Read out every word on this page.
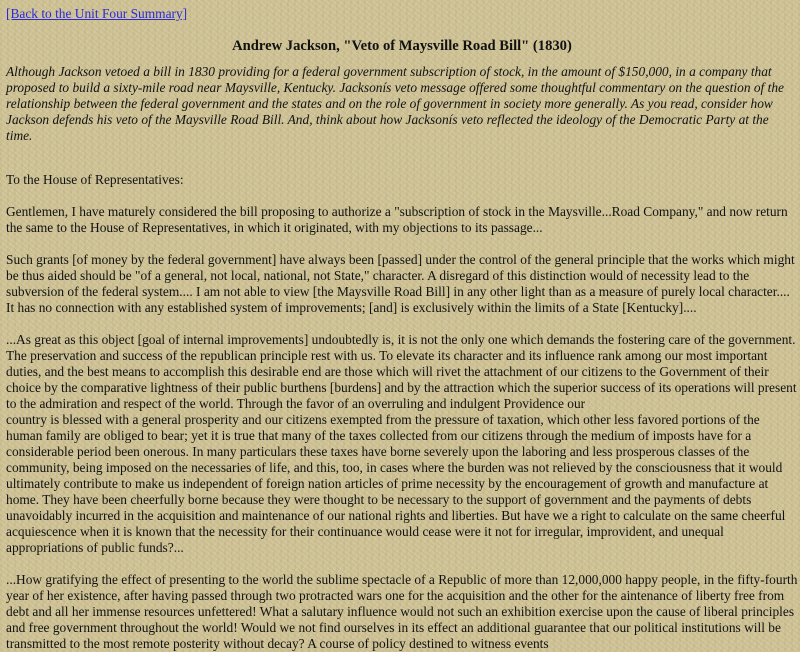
[Back to the Unit Four Summary]
Andrew Jackson, "Veto of Maysville Road Bill" (1830)

Although Jackson vetoed a bill in 1830 providing for a federal government subscription of stock, in the amount of $150,000, in a company that proposed to build a sixty-mile road near Maysville, Kentucky. Jacksonís veto message offered some thoughtful commentary on the question of the relationship between the federal government and the states and on the role of government in society more generally. As you read, consider how Jackson defends his veto of the Maysville Road Bill. And, think about how Jacksonís veto reflected the ideology of the Democratic Party at the time.

To the House of Representatives:

Gentlemen, I have maturely considered the bill proposing to authorize a "subscription of stock in the Maysville...Road Company," and now return the same to the House of Representatives, in which it originated, with my objections to its passage...

Such grants [of money by the federal government] have always been [passed] under the control of the general principle that the works which might be thus aided should be "of a general, not local, national, not State," character. A disregard of this distinction would of necessity lead to the subversion of the federal system.... I am not able to view [the Maysville Road Bill] in any other light than as a measure of purely local character.... It has no connection with any established system of improvements; [and] is exclusively within the limits of a State [Kentucky]....

...As great as this object [goal of internal improvements] undoubtedly is, it is not the only one which demands the fostering care of the government. The preservation and success of the republican principle rest with us. To elevate its character and its influence rank among our most important duties, and the best means to accomplish this desirable end are those which will rivet the attachment of our citizens to the Government of their choice by the comparative lightness of their public burthens [burdens] and by the attraction which the superior success of its operations will present to the admiration and respect of the world. Through the favor of an overruling and indulgent Providence our

country is blessed with a general prosperity and our citizens exempted from the pressure of taxation, which other less favored portions of the human family are obliged to bear; yet it is true that many of the taxes collected from our citizens through the medium of imposts have for a considerable period been onerous. In many particulars these taxes have borne severely upon the laboring and less prosperous classes of the community, being imposed on the necessaries of life, and this, too, in cases where the burden was not relieved by the consciousness that it would ultimately contribute to make us independent of foreign nation articles of prime necessity by the encouragement of growth and manufacture at home. They have been cheerfully borne because they were thought to be necessary to the support of government and the payments of debts unavoidably incurred in the acquisition and maintenance of our national rights and liberties. But have we a right to calculate on the same cheerful acquiescence when it is known that the necessity for their continuance would cease were it not for irregular, improvident, and unequal appropriations of public funds?...

...How gratifying the effect of presenting to the world the sublime spectacle of a Republic of more than 12,000,000 happy people, in the fifty-fourth year of her existence, after having passed through two protracted wars one for the acquisition and the other for the aintenance of liberty free from debt and all her immense resources unfettered! What a salutary influence would not such an exhibition exercise upon the cause of liberal principles and free government throughout the world! Would we not find ourselves in its effect an additional guarantee that our political institutions will be transmitted to the most remote posterity without decay? A course of policy destined to witness events
